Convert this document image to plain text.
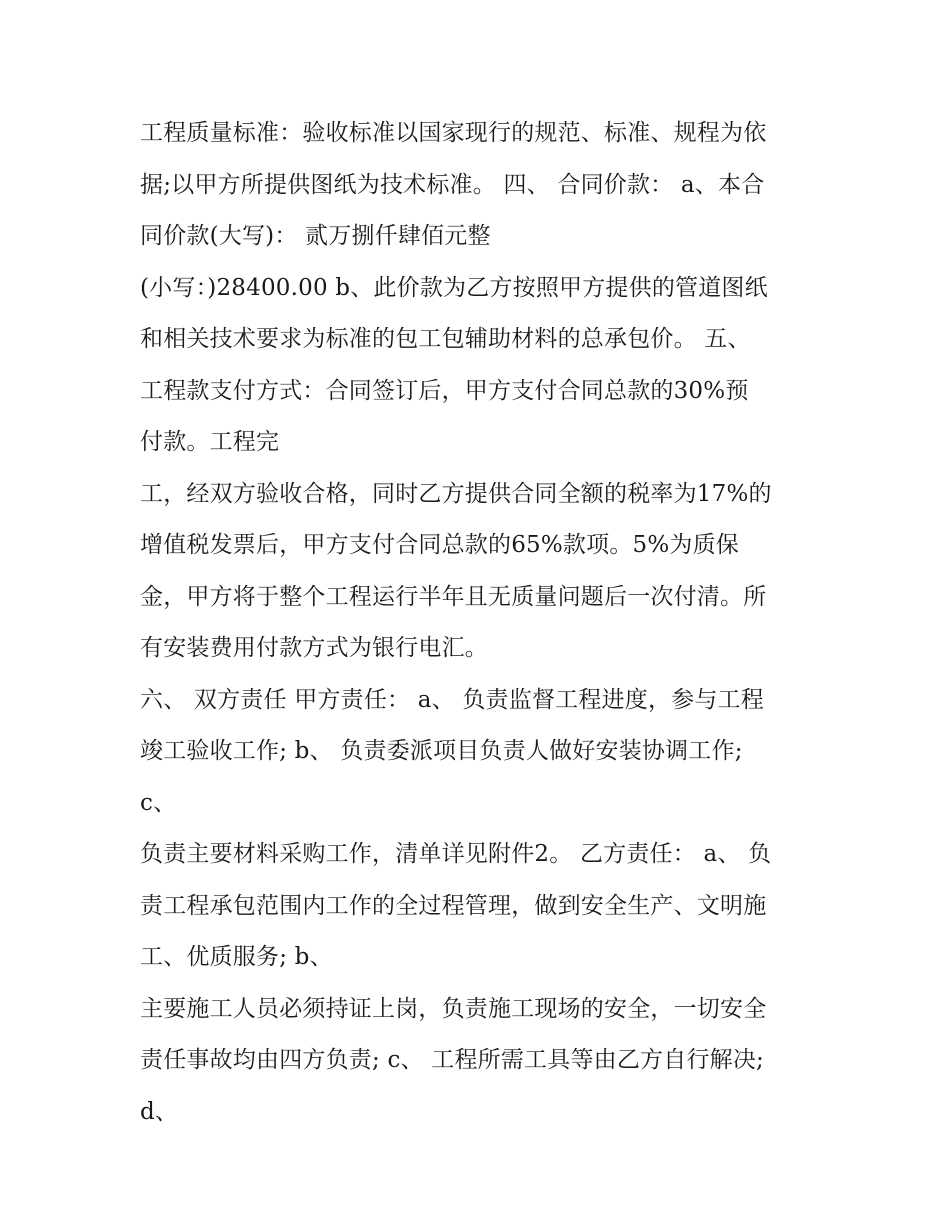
工程质量标准：验收标准以国家现行的规范、标准、规程为依
据;以甲方所提供图纸为技术标准。 四、 合同价款： a、本合
同价款(大写)： 贰万捌仟肆佰元整
(小写：)28400.00 b、此价款为乙方按照甲方提供的管道图纸
和相关技术要求为标准的包工包辅助材料的总承包价。 五、
工程款支付方式：合同签订后，甲方支付合同总款的30%预
付款。工程完
工，经双方验收合格，同时乙方提供合同全额的税率为17%的
增值税发票后，甲方支付合同总款的65%款项。5%为质保
金，甲方将于整个工程运行半年且无质量问题后一次付清。所
有安装费用付款方式为银行电汇。
六、 双方责任 甲方责任： a、 负责监督工程进度，参与工程
竣工验收工作; b、 负责委派项目负责人做好安装协调工作;
c、
负责主要材料采购工作，清单详见附件2。 乙方责任： a、 负
责工程承包范围内工作的全过程管理，做到安全生产、文明施
工、优质服务; b、
主要施工人员必须持证上岗，负责施工现场的安全，一切安全
责任事故均由四方负责; c、 工程所需工具等由乙方自行解决;
d、
